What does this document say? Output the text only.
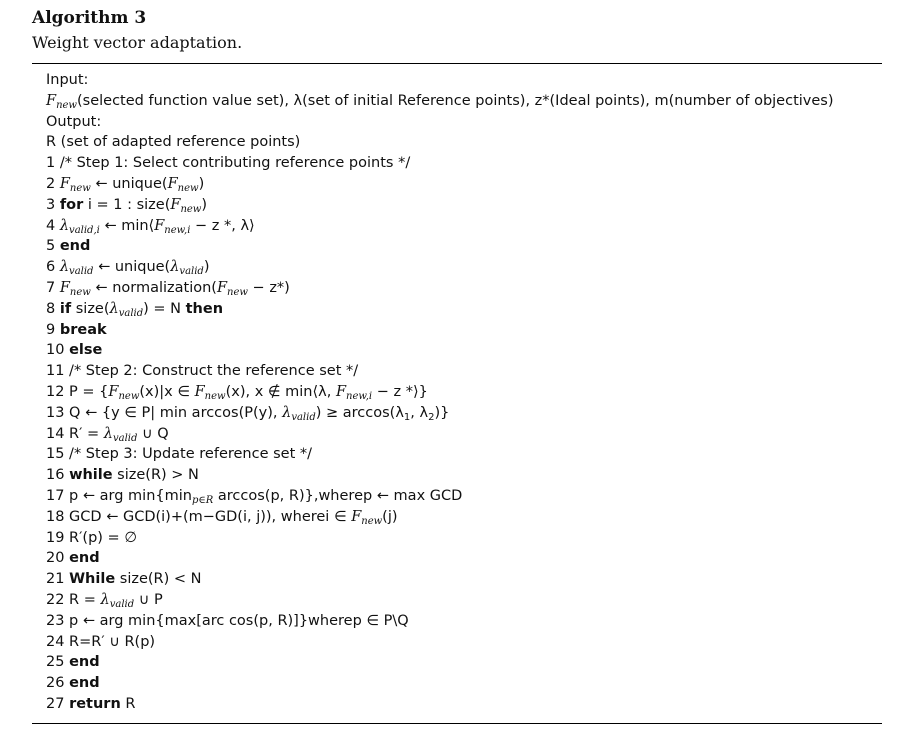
Algorithm 3
Weight vector adaptation.
Input:
$F_{new}(selected$ function value set), λ(set of initial Reference points), z*(Ideal points), m(number of objectives)
Output:
R (set of adapted reference points)
1 /* Step 1: Select contributing reference points */
2 $F_{new}$ ← $unique(F_{new})$
3 for i = 1 : $size(F_{new})$
4 $\lambda_{valid,i}$ ← $\min⟨F_{new,i} - z$ *, λ⟩
5 end
6 $\lambda_{valid}$ ← $unique(\lambda_{valid})$
7 $F_{new}$ ← $normalization(F_{new} - z*)$
8 if $size(\lambda_{valid}) = N$ then
9 break
10 else
11 /* Step 2: Construct the reference set */
12 $P = \{F_{new}(x)|x$ ∈ $F_{new}(x)$, x ∉ min⟨λ, $F_{new,i} - z$ *⟩}
13 Q ← {y ∈ P| min arccos(P(y), $\lambda_{valid}) \ge \arccos(\lambda_1$, $\lambda_2$)}
14 $R' = \lambda_{valid}$ ∪ Q
15 /* Step 3: Update reference set */
16 while size(R) > N
17 p ← arg $\min\{\min_{p\in R}$ arccos(p, R)},wherep ← max GCD
18 GCD ← GCD(i)+(m−GD(i, j)), wherei ∈ $F_{new}(j)$
19 R′(p) = ∅
20 end
21 While size(R) < N
22 $R = \lambda_{valid}$ ∪ P
23 p ← arg min{max[arc cos(p, R)]}wherep ∈ P\Q
24 R=R′ ∪ R(p)
25 end
26 end
27 return R
